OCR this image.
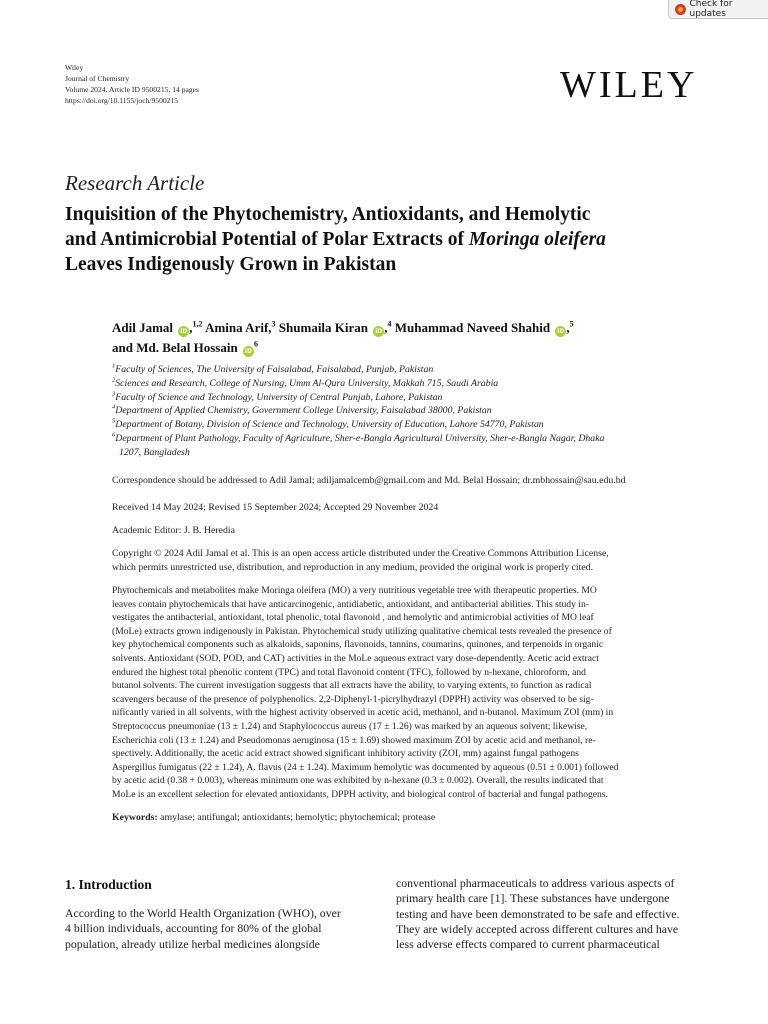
Check for updates
Wiley
Journal of Chemistry
Volume 2024, Article ID 9500215, 14 pages
https://doi.org/10.1155/joch/9500215	WILEY
Research Article
Inquisition of the Phytochemistry, Antioxidants, and Hemolytic
and Antimicrobial Potential of Polar Extracts of Moringa oleifera
Leaves Indigenously Grown in Pakistan
Adil Jamal iD ,$^{1,2}$ Amina Arif,$^3$ Shumaila Kiran iD ,$^4$ Muhammad Naveed Shahid iD ,$^5$
and Md. Belal Hossain $iD^6$
$^1$Faculty of Sciences, The University of Faisalabad, Faisalabad, Punjab, Pakistan
$^2$Sciences and Research, College of Nursing, Umm Al-Qura University, Makkah 715, Saudi Arabia
$^3$Faculty of Science and Technology, University of Central Punjab, Lahore, Pakistan
$^4$Department of Applied Chemistry, Government College University, Faisalabad 38000, Pakistan
$^5$Department of Botany, Division of Science and Technology, University of Education, Lahore 54770, Pakistan
$^6$Department of Plant Pathology, Faculty of Agriculture, Sher-e-Bangla Agricultural University, Sher-e-Bangla Nagar, Dhaka
1207, Bangladesh
Correspondence should be addressed to Adil Jamal; adiljamalcemb@gmail.com and Md. Belal Hossain; dr.mbhossain@sau.edu.bd
Received 14 May 2024; Revised 15 September 2024; Accepted 29 November 2024
Academic Editor: J. B. Heredia
Copyright © 2024 Adil Jamal et al. This is an open access article distributed under the Creative Commons Attribution License,
which permits unrestricted use, distribution, and reproduction in any medium, provided the original work is properly cited.
Phytochemicals and metabolites make Moringa oleifera (MO) a very nutritious vegetable tree with therapeutic properties. MO
leaves contain phytochemicals that have anticarcinogenic, antidiabetic, antioxidant, and antibacterial abilities. This study in-
vestigates the antibacterial, antioxidant, total phenolic, total flavonoid , and hemolytic and antimicrobial activities of MO leaf
(MoLe) extracts grown indigenously in Pakistan. Phytochemical study utilizing qualitative chemical tests revealed the presence of
key phytochemical components such as alkaloids, saponins, flavonoids, tannins, coumarins, quinones, and terpenoids in organic
solvents. Antioxidant (SOD, POD, and CAT) activities in the MoLe aqueous extract vary dose-dependently. Acetic acid extract
endured the highest total phenolic content (TPC) and total flavonoid content (TFC), followed by n-hexane, chloroform, and
butanol solvents. The current investigation suggests that all extracts have the ability, to varying extents, to function as radical
scavengers because of the presence of polyphenolics. 2,2-Diphenyl-1-picrylhydrazyl (DPPH) activity was observed to be sig-
nificantly varied in all solvents, with the highest activity observed in acetic acid, methanol, and n-butanol. Maximum ZOI (mm) in
Streptococcus pneumoniae (13 ± 1.24) and Staphylococcus aureus (17 ± 1.26) was marked by an aqueous solvent; likewise,
Escherichia coli (13 ± 1.24) and Pseudomonas aeruginosa (15 ± 1.69) showed maximum ZOI by acetic acid and methanol, re-
spectively. Additionally, the acetic acid extract showed significant inhibitory activity (ZOI, mm) against fungal pathogens
Aspergillus fumigatus (22 ± 1.24), A. flavus (24 ± 1.24). Maximum hemolytic was documented by aqueous (0.51 ± 0.001) followed
by acetic acid (0.38 + 0.003), whereas minimum one was exhibited by n-hexane (0.3 ± 0.002). Overall, the results indicated that
MoLe is an excellent selection for elevated antioxidants, DPPH activity, and biological control of bacterial and fungal pathogens.
Keywords: amylase; antifungal; antioxidants; hemolytic; phytochemical; protease
1. Introduction
According to the World Health Organization (WHO), over
4 billion individuals, accounting for 80% of the global
population, already utilize herbal medicines alongside
conventional pharmaceuticals to address various aspects of
primary health care [1]. These substances have undergone
testing and have been demonstrated to be safe and effective.
They are widely accepted across different cultures and have
less adverse effects compared to current pharmaceutical
